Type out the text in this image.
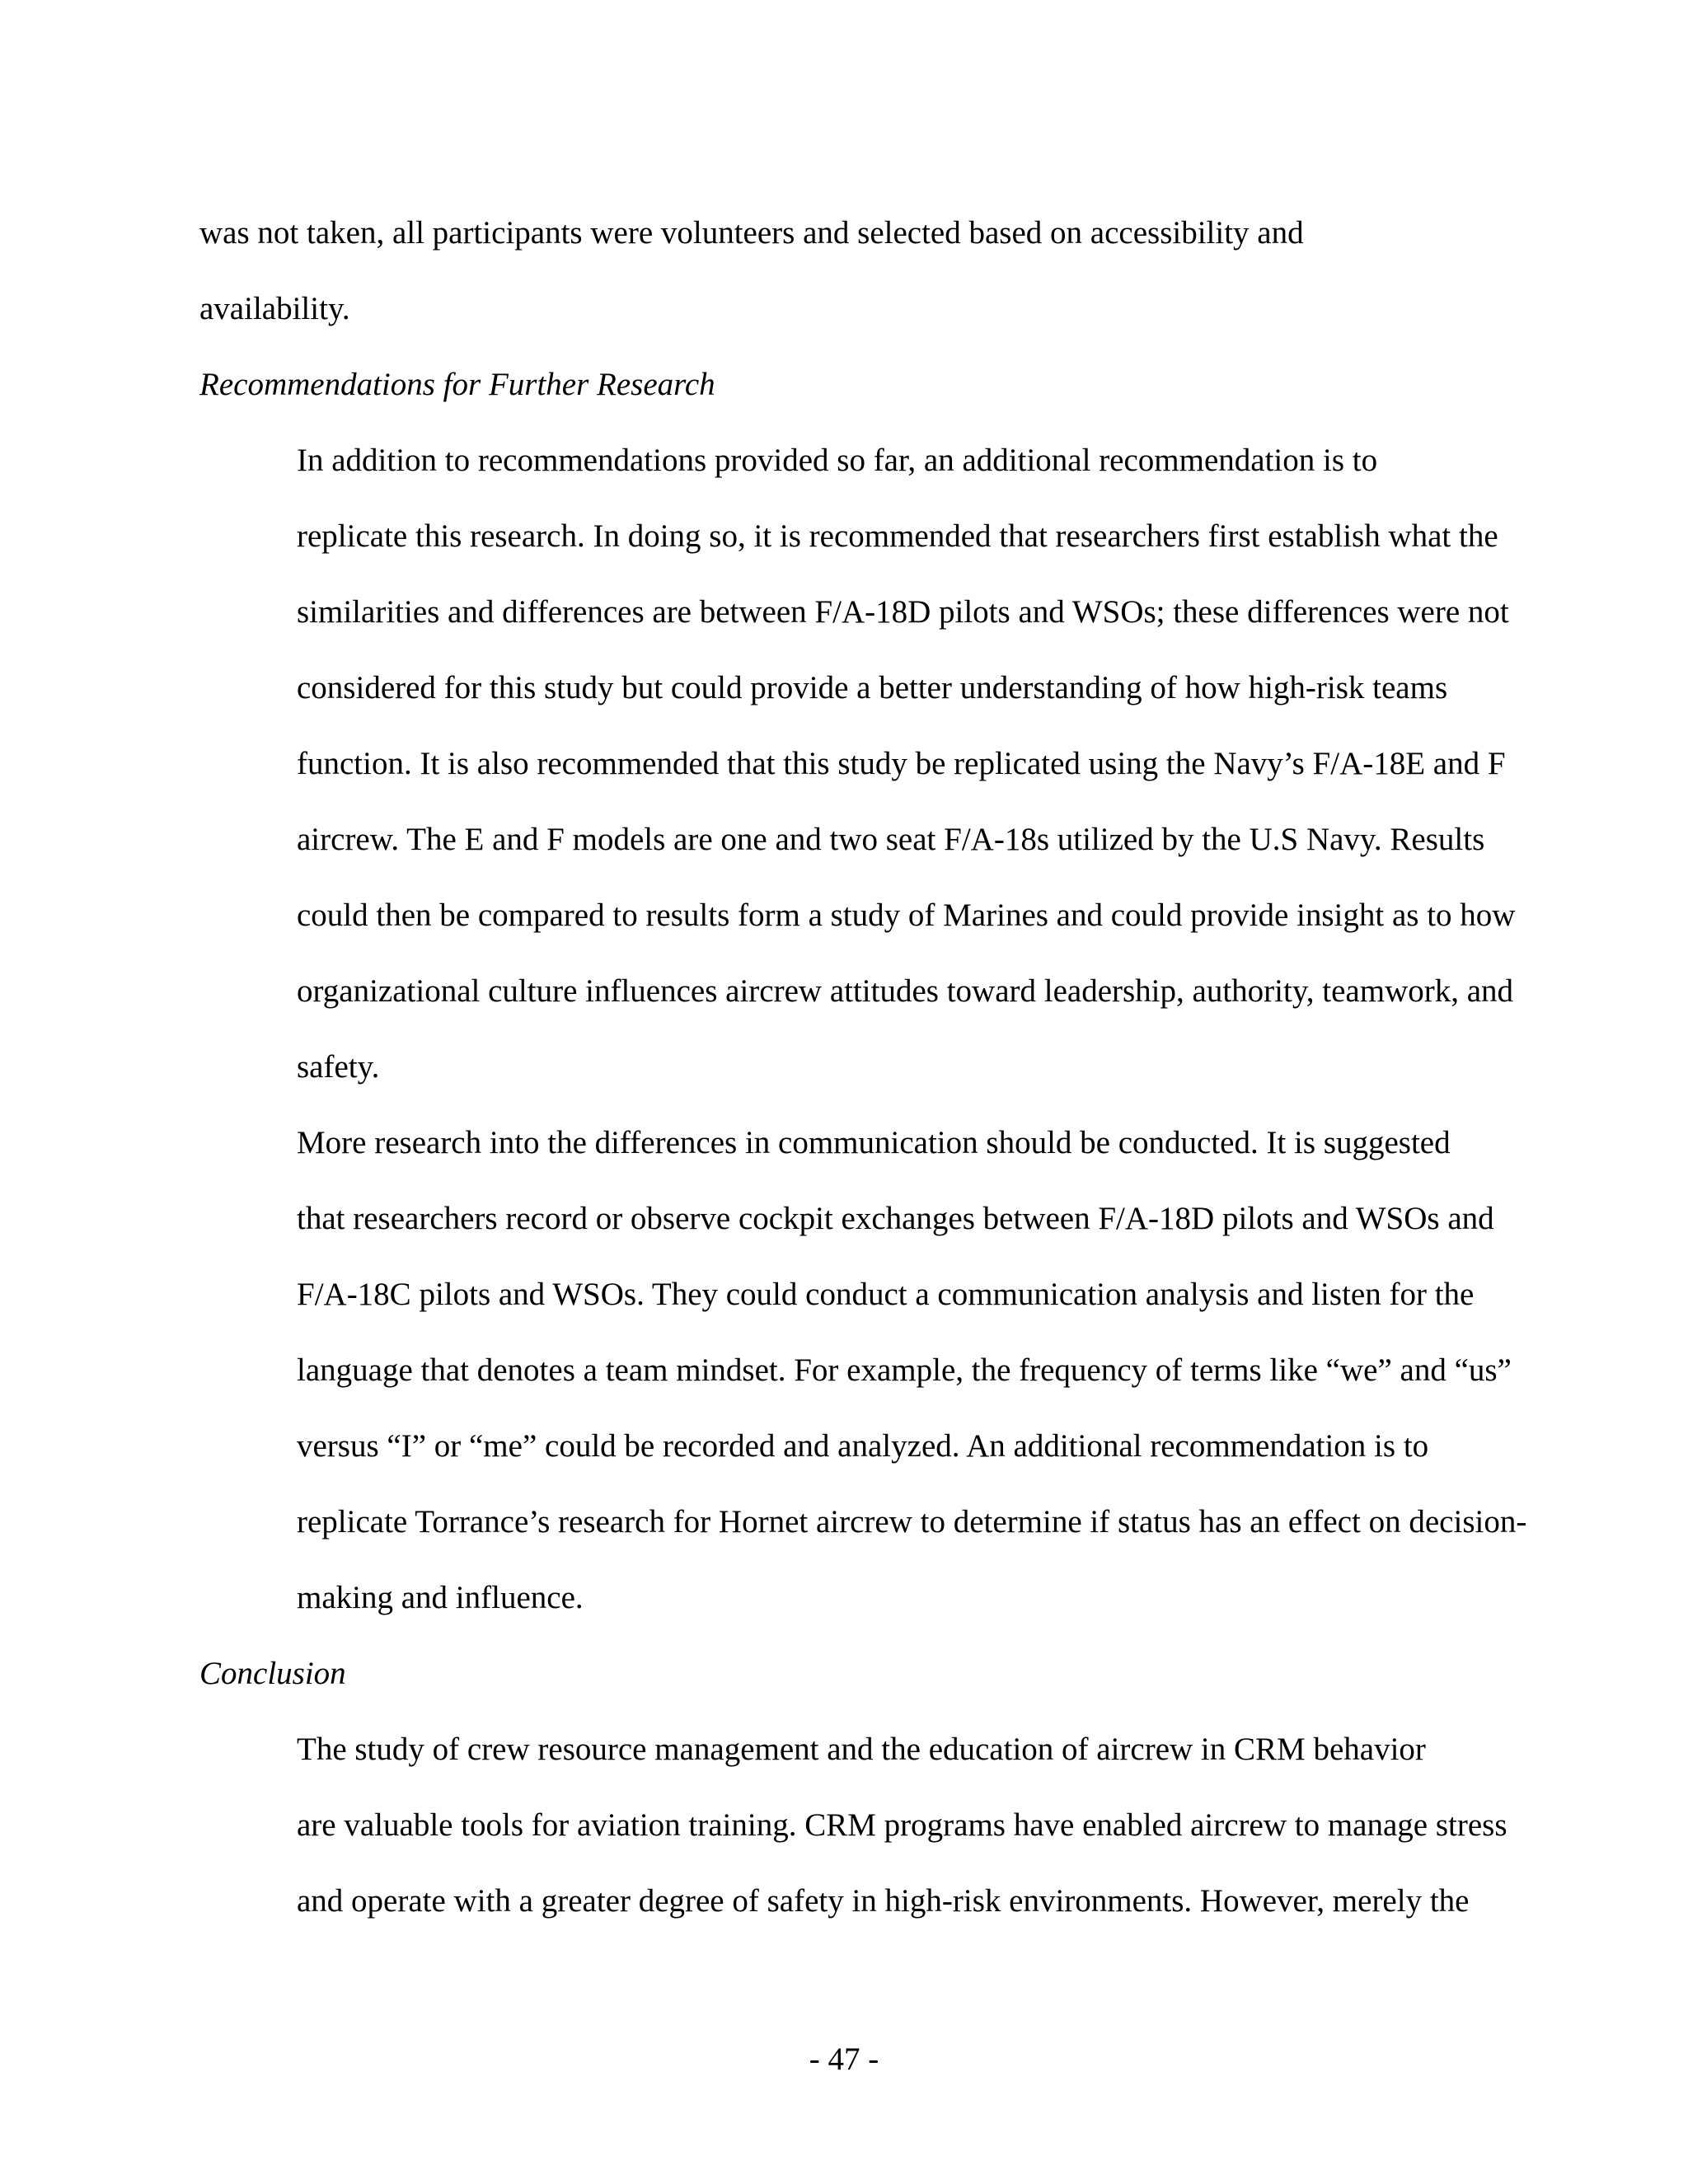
was not taken, all participants were volunteers and selected based on accessibility and
availability.

Recommendations for Further Research

In addition to recommendations provided so far, an additional recommendation is to
replicate this research. In doing so, it is recommended that researchers first establish what the
similarities and differences are between F/A-18D pilots and WSOs; these differences were not
considered for this study but could provide a better understanding of how high-risk teams
function. It is also recommended that this study be replicated using the Navy’s F/A-18E and F
aircrew. The E and F models are one and two seat F/A-18s utilized by the U.S Navy. Results
could then be compared to results form a study of Marines and could provide insight as to how
organizational culture influences aircrew attitudes toward leadership, authority, teamwork, and
safety.

More research into the differences in communication should be conducted. It is suggested
that researchers record or observe cockpit exchanges between F/A-18D pilots and WSOs and
F/A-18C pilots and WSOs. They could conduct a communication analysis and listen for the
language that denotes a team mindset. For example, the frequency of terms like “we” and “us”
versus “I” or “me” could be recorded and analyzed. An additional recommendation is to
replicate Torrance’s research for Hornet aircrew to determine if status has an effect on decision-
making and influence.

Conclusion

The study of crew resource management and the education of aircrew in CRM behavior
are valuable tools for aviation training. CRM programs have enabled aircrew to manage stress
and operate with a greater degree of safety in high-risk environments. However, merely the

- 47 -
